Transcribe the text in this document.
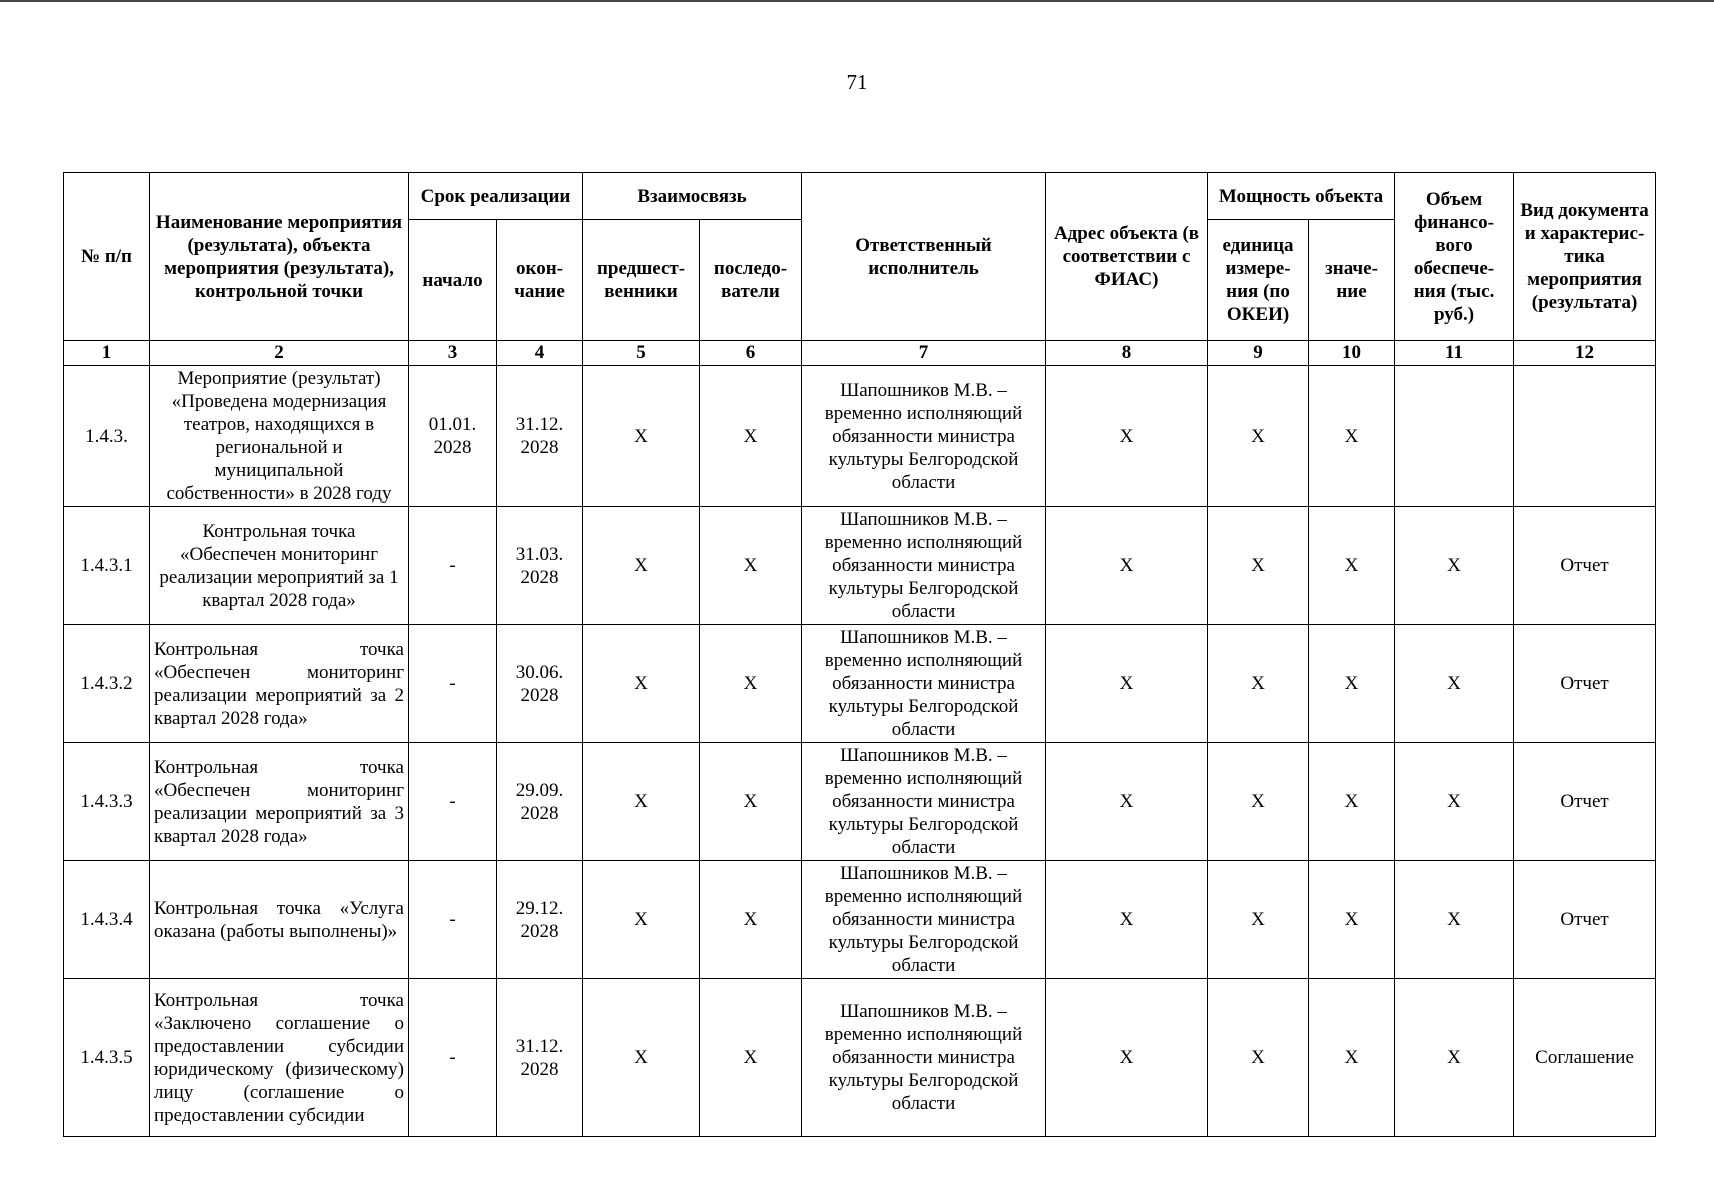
71
№ п/п	Наименование мероприятия (результата), объекта мероприятия (результата), контрольной точки	Срок реализации		Взаимосвязь		Ответственный исполнитель	Адрес объекта (в соответствии с ФИАС)	Мощность объекта		Объем финансо-вого обеспече-ния (тыс. руб.)	Вид документа и характерис-тика мероприятия (результата)
		начало	окон-чание	предшест-венники	последо-ватели			единица измере-ния (по ОКЕИ)	значе-ние		
1	2	3	4	5	6	7	8	9	10	11	12
1.4.3.	Мероприятие (результат) «Проведена модернизация театров, находящихся в региональной и муниципальной собственности» в 2028 году	01.01. 2028	31.12. 2028	X	X	Шапошников М.В. – временно исполняющий обязанности министра культуры Белгородской области	X	X	X		
1.4.3.1	Контрольная точка «Обеспечен мониторинг реализации мероприятий за 1 квартал 2028 года»	-	31.03. 2028	X	X	Шапошников М.В. – временно исполняющий обязанности министра культуры Белгородской области	X	X	X	X	Отчет
1.4.3.2	Контрольная точка «Обеспечен мониторинг реализации мероприятий за 2 квартал 2028 года»	-	30.06. 2028	X	X	Шапошников М.В. – временно исполняющий обязанности министра культуры Белгородской области	X	X	X	X	Отчет
1.4.3.3	Контрольная точка «Обеспечен мониторинг реализации мероприятий за 3 квартал 2028 года»	-	29.09. 2028	X	X	Шапошников М.В. – временно исполняющий обязанности министра культуры Белгородской области	X	X	X	X	Отчет
1.4.3.4	Контрольная точка «Услуга оказана (работы выполнены)»	-	29.12. 2028	X	X	Шапошников М.В. – временно исполняющий обязанности министра культуры Белгородской области	X	X	X	X	Отчет
1.4.3.5	Контрольная точка «Заключено соглашение о предоставлении субсидии юридическому (физическому) лицу (соглашение о предоставлении субсидии	-	31.12. 2028	X	X	Шапошников М.В. – временно исполняющий обязанности министра культуры Белгородской области	X	X	X	X	Соглашение
